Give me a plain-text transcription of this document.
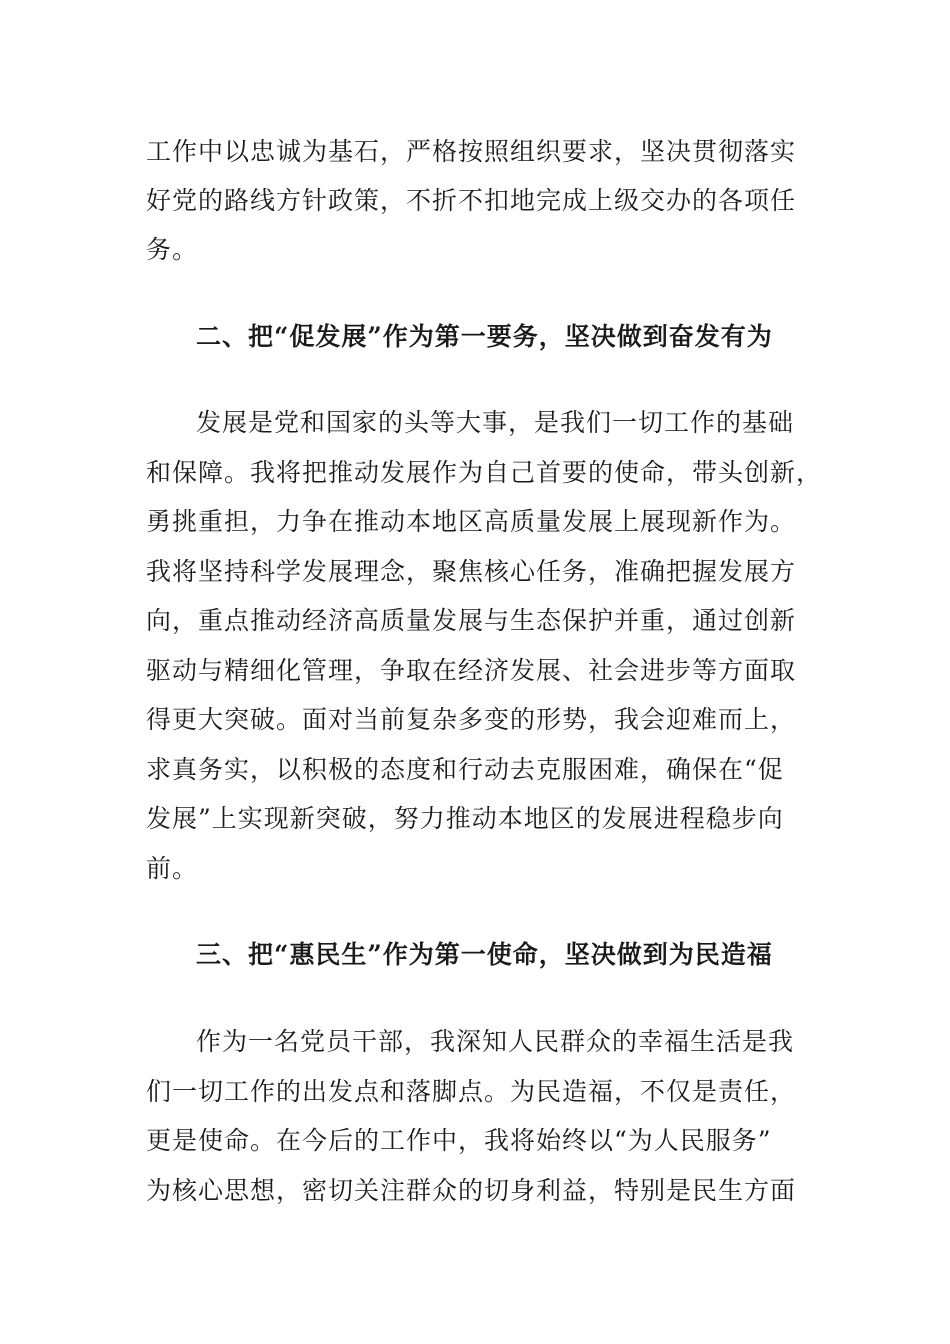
工作中以忠诚为基石，严格按照组织要求，坚决贯彻落实
好党的路线方针政策，不折不扣地完成上级交办的各项任
务。
二、把“促发展”作为第一要务，坚决做到奋发有为
发展是党和国家的头等大事，是我们一切工作的基础
和保障。我将把推动发展作为自己首要的使命，带头创新，
勇挑重担，力争在推动本地区高质量发展上展现新作为。
我将坚持科学发展理念，聚焦核心任务，准确把握发展方
向，重点推动经济高质量发展与生态保护并重，通过创新
驱动与精细化管理，争取在经济发展、社会进步等方面取
得更大突破。面对当前复杂多变的形势，我会迎难而上，
求真务实，以积极的态度和行动去克服困难，确保在“促
发展”上实现新突破，努力推动本地区的发展进程稳步向
前。
三、把“惠民生”作为第一使命，坚决做到为民造福
作为一名党员干部，我深知人民群众的幸福生活是我
们一切工作的出发点和落脚点。为民造福，不仅是责任，
更是使命。在今后的工作中，我将始终以“为人民服务”
为核心思想，密切关注群众的切身利益，特别是民生方面
